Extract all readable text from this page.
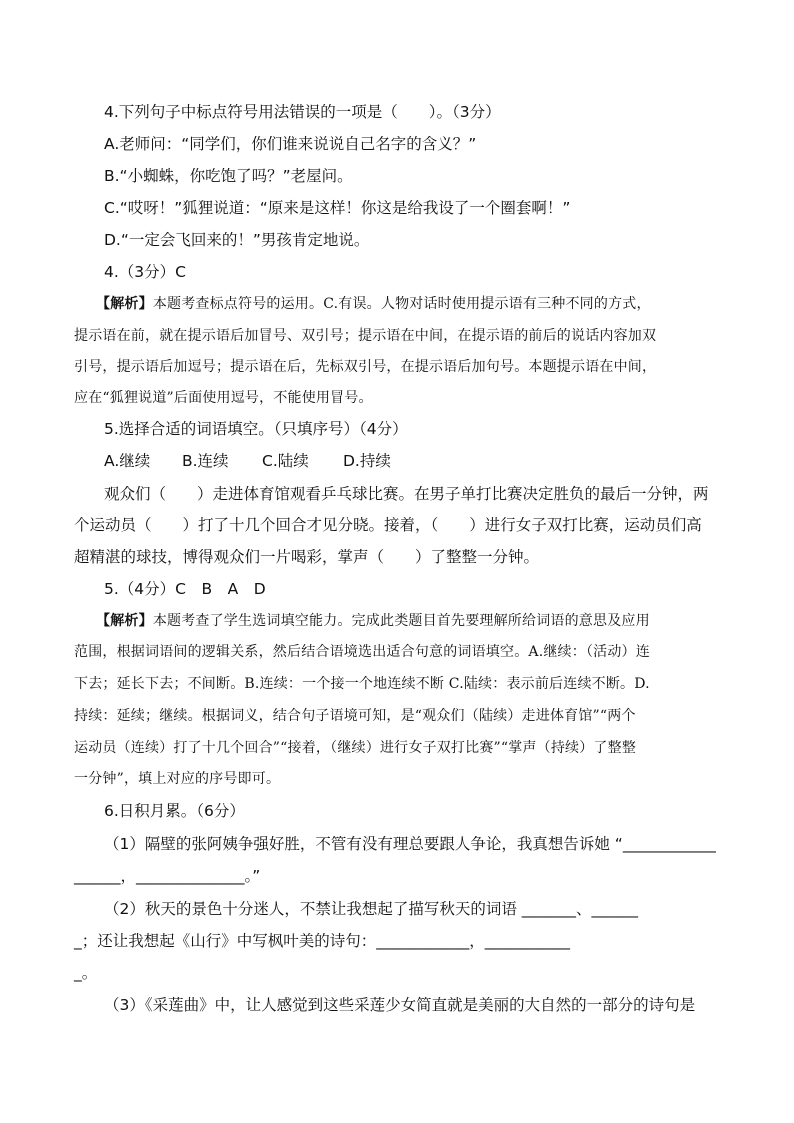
4.下列句子中标点符号用法错误的一项是（　　）。（3分）
A.老师问：“同学们，你们谁来说说自己名字的含义？”
B.“小蜘蛛，你吃饱了吗？”老屋问。
C.“哎呀！”狐狸说道：“原来是这样！你这是给我设了一个圈套啊！”
D.“一定会飞回来的！”男孩肯定地说。
4.（3分）C
【解析】本题考查标点符号的运用。C.有误。人物对话时使用提示语有三种不同的方式，
提示语在前，就在提示语后加冒号、双引号；提示语在中间，在提示语的前后的说话内容加双
引号，提示语后加逗号；提示语在后，先标双引号，在提示语后加句号。本题提示语在中间，
应在“狐狸说道”后面使用逗号，不能使用冒号。
5.选择合适的词语填空。（只填序号）（4分）
A.继续 B.连续 C.陆续 D.持续
观众们（　　）走进体育馆观看乒乓球比赛。在男子单打比赛决定胜负的最后一分钟，两
个运动员（　　）打了十几个回合才见分晓。接着，（　　）进行女子双打比赛，运动员们高
超精湛的球技，博得观众们一片喝彩，掌声（　　）了整整一分钟。
5.（4分）C　B　A　D
【解析】本题考查了学生选词填空能力。完成此类题目首先要理解所给词语的意思及应用
范围，根据词语间的逻辑关系，然后结合语境选出适合句意的词语填空。A.继续：（活动）连
下去；延长下去；不间断。B.连续：一个接一个地连续不断 C.陆续：表示前后连续不断。D.
持续：延续；继续。根据词义，结合句子语境可知，是“观众们（陆续）走进体育馆”“两个
运动员（连续）打了十几个回合”“接着，（继续）进行女子双打比赛”“掌声（持续）了整整
一分钟”，填上对应的序号即可。
6.日积月累。（6分）
（1）隔壁的张阿姨争强好胜，不管有没有理总要跟人争论，我真想告诉她 “____________
______，______________。”
（2）秋天的景色十分迷人，不禁让我想起了描写秋天的词语 _______、______
_；还让我想起《山行》中写枫叶美的诗句：____________，___________
_。
（3）《采莲曲》中，让人感觉到这些采莲少女简直就是美丽的大自然的一部分的诗句是
